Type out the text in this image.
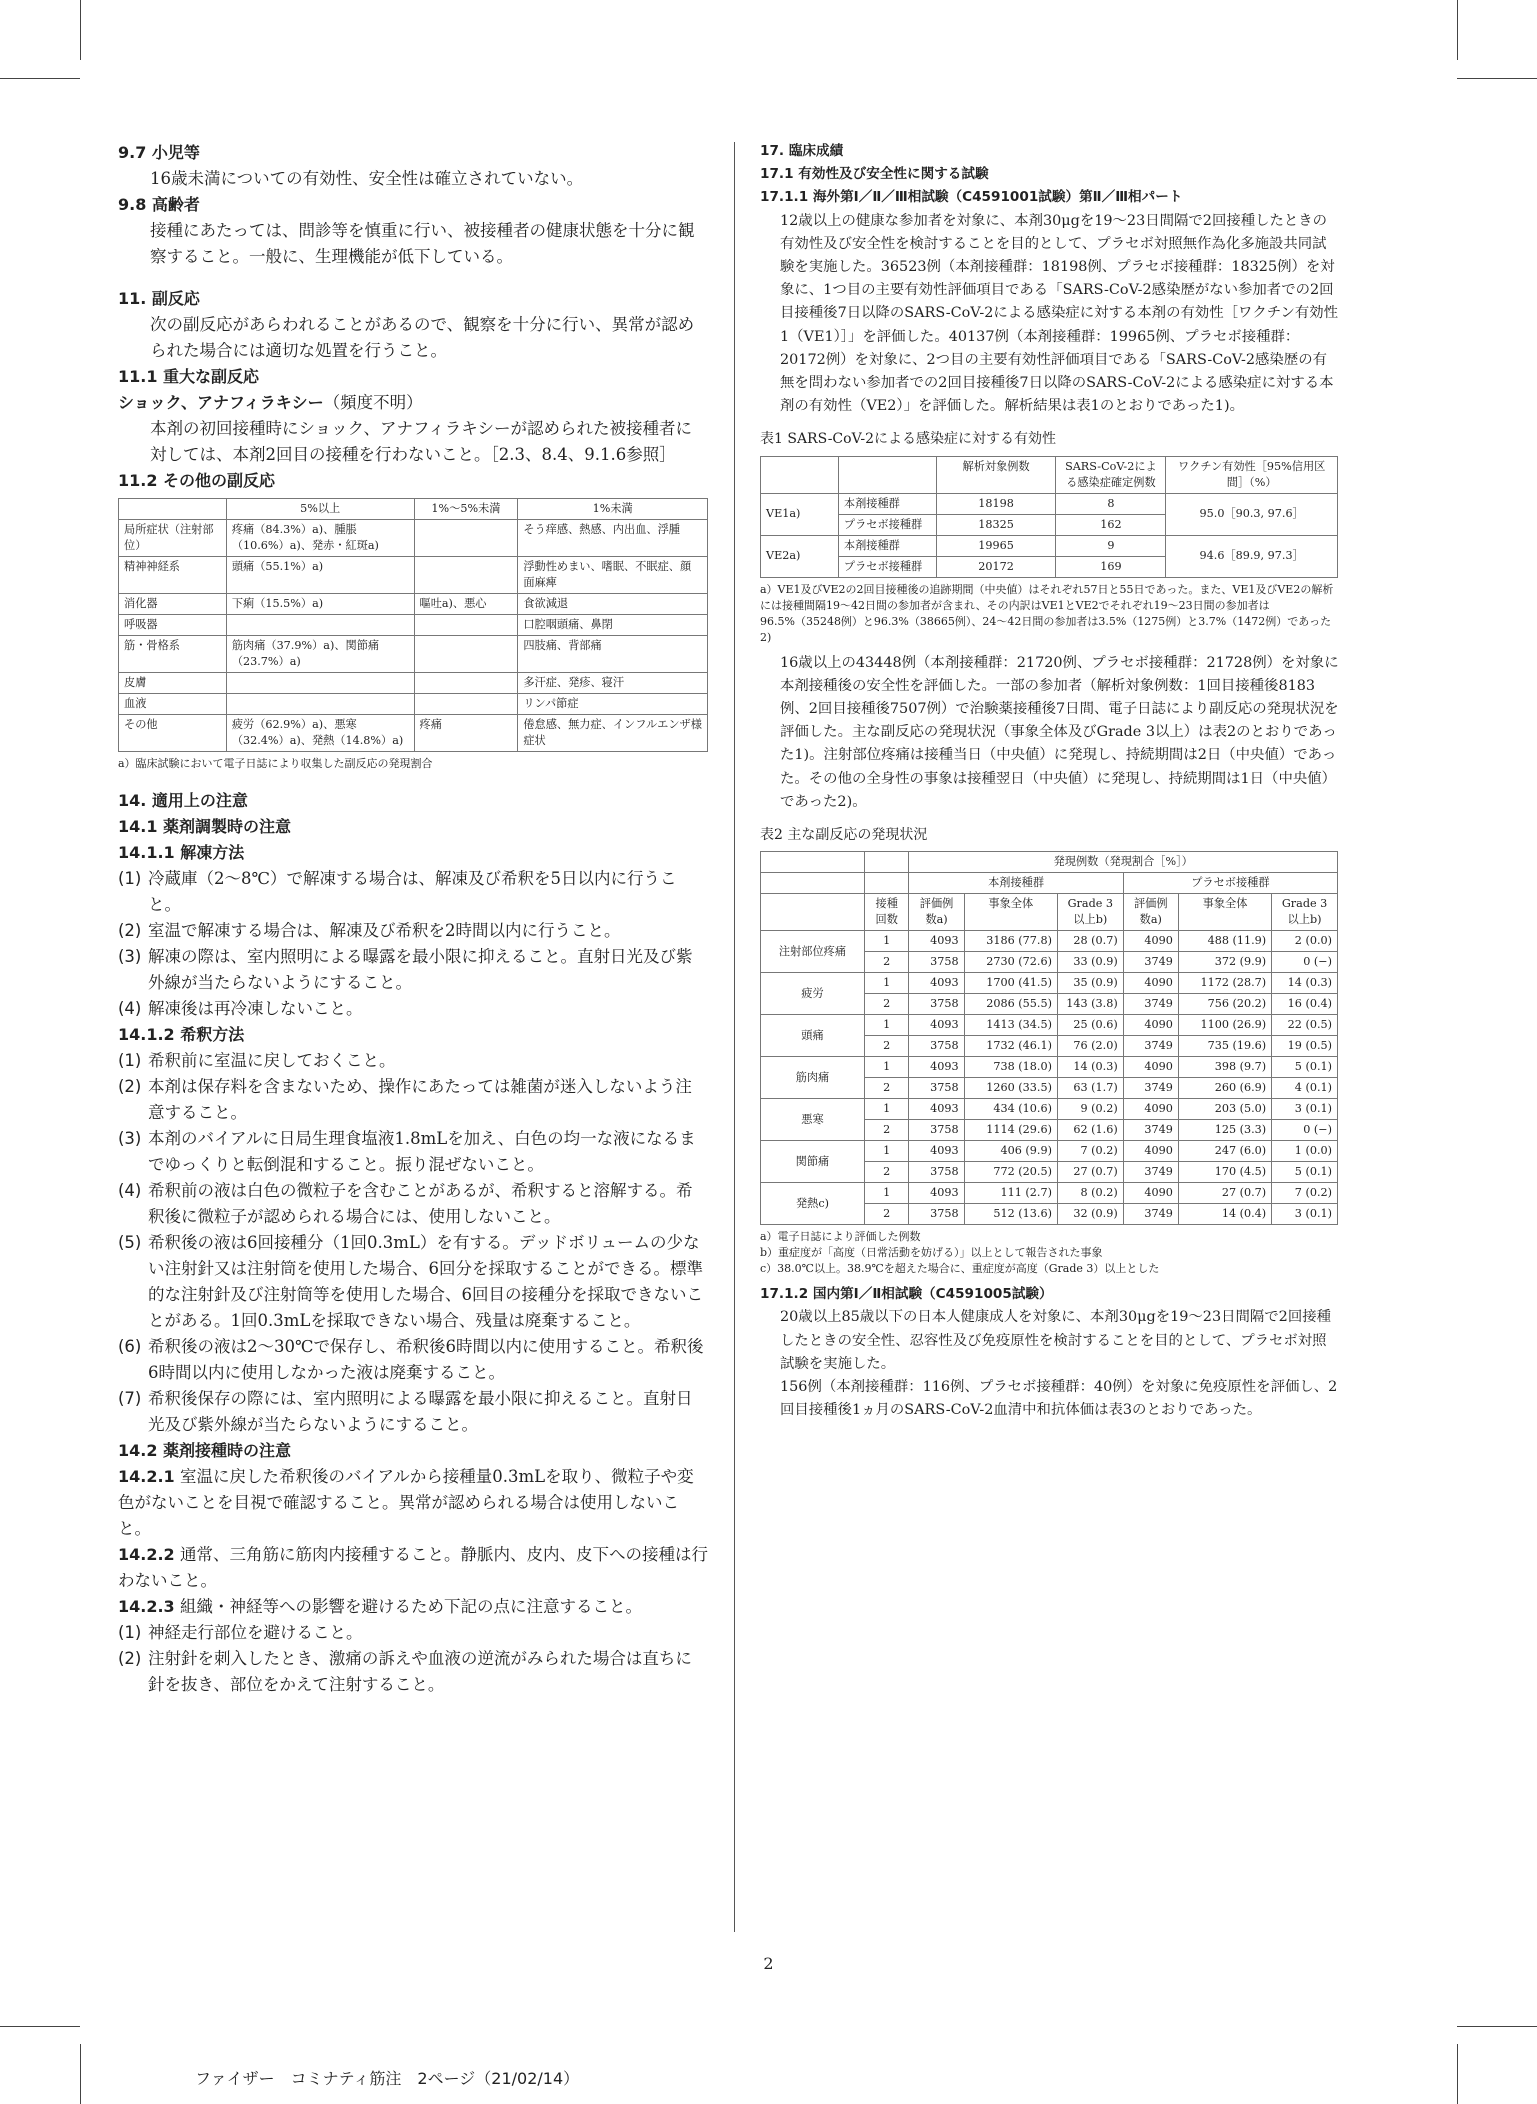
9.7 小児等

16歳未満についての有効性、安全性は確立されていない。

9.8 高齢者

接種にあたっては、問診等を慎重に行い、被接種者の健康状態を十分に観察すること。一般に、生理機能が低下している。

11. 副反応

次の副反応があらわれることがあるので、観察を十分に行い、異常が認められた場合には適切な処置を行うこと。

11.1 重大な副反応

ショック、アナフィラキシー（頻度不明）

本剤の初回接種時にショック、アナフィラキシーが認められた被接種者に対しては、本剤2回目の接種を行わないこと。［2.3、8.4、9.1.6参照］

11.2 その他の副反応

	5%以上	1%〜5%未満	1%未満
局所症状（注射部位）	疼痛（84.3%）a)、腫脹（10.6%）a)、発赤・紅斑a)		そう痒感、熱感、内出血、浮腫
精神神経系	頭痛（55.1%）a)		浮動性めまい、嗜眠、不眠症、顔面麻痺
消化器	下痢（15.5%）a)	嘔吐a)、悪心	食欲減退
呼吸器			口腔咽頭痛、鼻閉
筋・骨格系	筋肉痛（37.9%）a)、関節痛（23.7%）a)		四肢痛、背部痛
皮膚			多汗症、発疹、寝汗
血液			リンパ節症
その他	疲労（62.9%）a)、悪寒（32.4%）a)、発熱（14.8%）a)	疼痛	倦怠感、無力症、インフルエンザ様症状

a）臨床試験において電子日誌により収集した副反応の発現割合

14. 適用上の注意

14.1 薬剤調製時の注意

14.1.1 解凍方法

(1) 冷蔵庫（2〜8℃）で解凍する場合は、解凍及び希釈を5日以内に行うこと。
(2) 室温で解凍する場合は、解凍及び希釈を2時間以内に行うこと。
(3) 解凍の際は、室内照明による曝露を最小限に抑えること。直射日光及び紫外線が当たらないようにすること。
(4) 解凍後は再冷凍しないこと。

14.1.2 希釈方法

(1) 希釈前に室温に戻しておくこと。
(2) 本剤は保存料を含まないため、操作にあたっては雑菌が迷入しないよう注意すること。
(3) 本剤のバイアルに日局生理食塩液1.8mLを加え、白色の均一な液になるまでゆっくりと転倒混和すること。振り混ぜないこと。
(4) 希釈前の液は白色の微粒子を含むことがあるが、希釈すると溶解する。希釈後に微粒子が認められる場合には、使用しないこと。
(5) 希釈後の液は6回接種分（1回0.3mL）を有する。デッドボリュームの少ない注射針又は注射筒を使用した場合、6回分を採取することができる。標準的な注射針及び注射筒等を使用した場合、6回目の接種分を採取できないことがある。1回0.3mLを採取できない場合、残量は廃棄すること。
(6) 希釈後の液は2〜30℃で保存し、希釈後6時間以内に使用すること。希釈後6時間以内に使用しなかった液は廃棄すること。
(7) 希釈後保存の際には、室内照明による曝露を最小限に抑えること。直射日光及び紫外線が当たらないようにすること。

14.2 薬剤接種時の注意

14.2.1 室温に戻した希釈後のバイアルから接種量0.3mLを取り、微粒子や変色がないことを目視で確認すること。異常が認められる場合は使用しないこと。

14.2.2 通常、三角筋に筋肉内接種すること。静脈内、皮内、皮下への接種は行わないこと。

14.2.3 組織・神経等への影響を避けるため下記の点に注意すること。

(1) 神経走行部位を避けること。
(2) 注射針を刺入したとき、激痛の訴えや血液の逆流がみられた場合は直ちに針を抜き、部位をかえて注射すること。

17. 臨床成績

17.1 有効性及び安全性に関する試験

17.1.1 海外第Ⅰ／Ⅱ／Ⅲ相試験（C4591001試験）第Ⅱ／Ⅲ相パート

12歳以上の健康な参加者を対象に、本剤30μgを19〜23日間隔で2回接種したときの有効性及び安全性を検討することを目的として、プラセボ対照無作為化多施設共同試験を実施した。36523例（本剤接種群：18198例、プラセボ接種群：18325例）を対象に、1つ目の主要有効性評価項目である「SARS-CoV-2感染歴がない参加者での2回目接種後7日以降のSARS-CoV-2による感染症に対する本剤の有効性［ワクチン有効性1（VE1）］」を評価した。40137例（本剤接種群：19965例、プラセボ接種群：20172例）を対象に、2つ目の主要有効性評価項目である「SARS-CoV-2感染歴の有無を問わない参加者での2回目接種後7日以降のSARS-CoV-2による感染症に対する本剤の有効性（VE2）」を評価した。解析結果は表1のとおりであった1)。

表1 SARS-CoV-2による感染症に対する有効性

		解析対象例数	SARS-CoV-2による感染症確定例数	ワクチン有効性［95%信用区間］（%）
VE1a)	本剤接種群	18198	8	95.0［90.3, 97.6］
	プラセボ接種群	18325	162	
VE2a)	本剤接種群	19965	9	94.6［89.9, 97.3］
	プラセボ接種群	20172	169	

a）VE1及びVE2の2回目接種後の追跡期間（中央値）はそれぞれ57日と55日であった。また、VE1及びVE2の解析には接種間隔19〜42日間の参加者が含まれ、その内訳はVE1とVE2でそれぞれ19〜23日間の参加者は96.5%（35248例）と96.3%（38665例）、24〜42日間の参加者は3.5%（1275例）と3.7%（1472例）であった2)

16歳以上の43448例（本剤接種群：21720例、プラセボ接種群：21728例）を対象に本剤接種後の安全性を評価した。一部の参加者（解析対象例数：1回目接種後8183例、2回目接種後7507例）で治験薬接種後7日間、電子日誌により副反応の発現状況を評価した。主な副反応の発現状況（事象全体及びGrade 3以上）は表2のとおりであった1)。注射部位疼痛は接種当日（中央値）に発現し、持続期間は2日（中央値）であった。その他の全身性の事象は接種翌日（中央値）に発現し、持続期間は1日（中央値）であった2)。

表2 主な副反応の発現状況

		発現例数（発現割合［%］）					
		本剤接種群			プラセボ接種群		
	接種回数	評価例数a)	事象全体	Grade 3以上b)	評価例数a)	事象全体	Grade 3以上b)
注射部位疼痛	1	4093	3186 (77.8)	28 (0.7)	4090	488 (11.9)	2 (0.0)
	2	3758	2730 (72.6)	33 (0.9)	3749	372 (9.9)	0 (−)
疲労	1	4093	1700 (41.5)	35 (0.9)	4090	1172 (28.7)	14 (0.3)
	2	3758	2086 (55.5)	143 (3.8)	3749	756 (20.2)	16 (0.4)
頭痛	1	4093	1413 (34.5)	25 (0.6)	4090	1100 (26.9)	22 (0.5)
	2	3758	1732 (46.1)	76 (2.0)	3749	735 (19.6)	19 (0.5)
筋肉痛	1	4093	738 (18.0)	14 (0.3)	4090	398 (9.7)	5 (0.1)
	2	3758	1260 (33.5)	63 (1.7)	3749	260 (6.9)	4 (0.1)
悪寒	1	4093	434 (10.6)	9 (0.2)	4090	203 (5.0)	3 (0.1)
	2	3758	1114 (29.6)	62 (1.6)	3749	125 (3.3)	0 (−)
関節痛	1	4093	406 (9.9)	7 (0.2)	4090	247 (6.0)	1 (0.0)
	2	3758	772 (20.5)	27 (0.7)	3749	170 (4.5)	5 (0.1)
発熱c)	1	4093	111 (2.7)	8 (0.2)	4090	27 (0.7)	7 (0.2)
	2	3758	512 (13.6)	32 (0.9)	3749	14 (0.4)	3 (0.1)

a）電子日誌により評価した例数

b）重症度が「高度（日常活動を妨げる）」以上として報告された事象

c）38.0℃以上。38.9℃を超えた場合に、重症度が高度（Grade 3）以上とした

17.1.2 国内第Ⅰ／Ⅱ相試験（C4591005試験）

20歳以上85歳以下の日本人健康成人を対象に、本剤30μgを19〜23日間隔で2回接種したときの安全性、忍容性及び免疫原性を検討することを目的として、プラセボ対照試験を実施した。

156例（本剤接種群：116例、プラセボ接種群：40例）を対象に免疫原性を評価し、2回目接種後1ヵ月のSARS-CoV-2血清中和抗体価は表3のとおりであった。

2
ファイザー　コミナティ筋注　2ページ（21/02/14）
